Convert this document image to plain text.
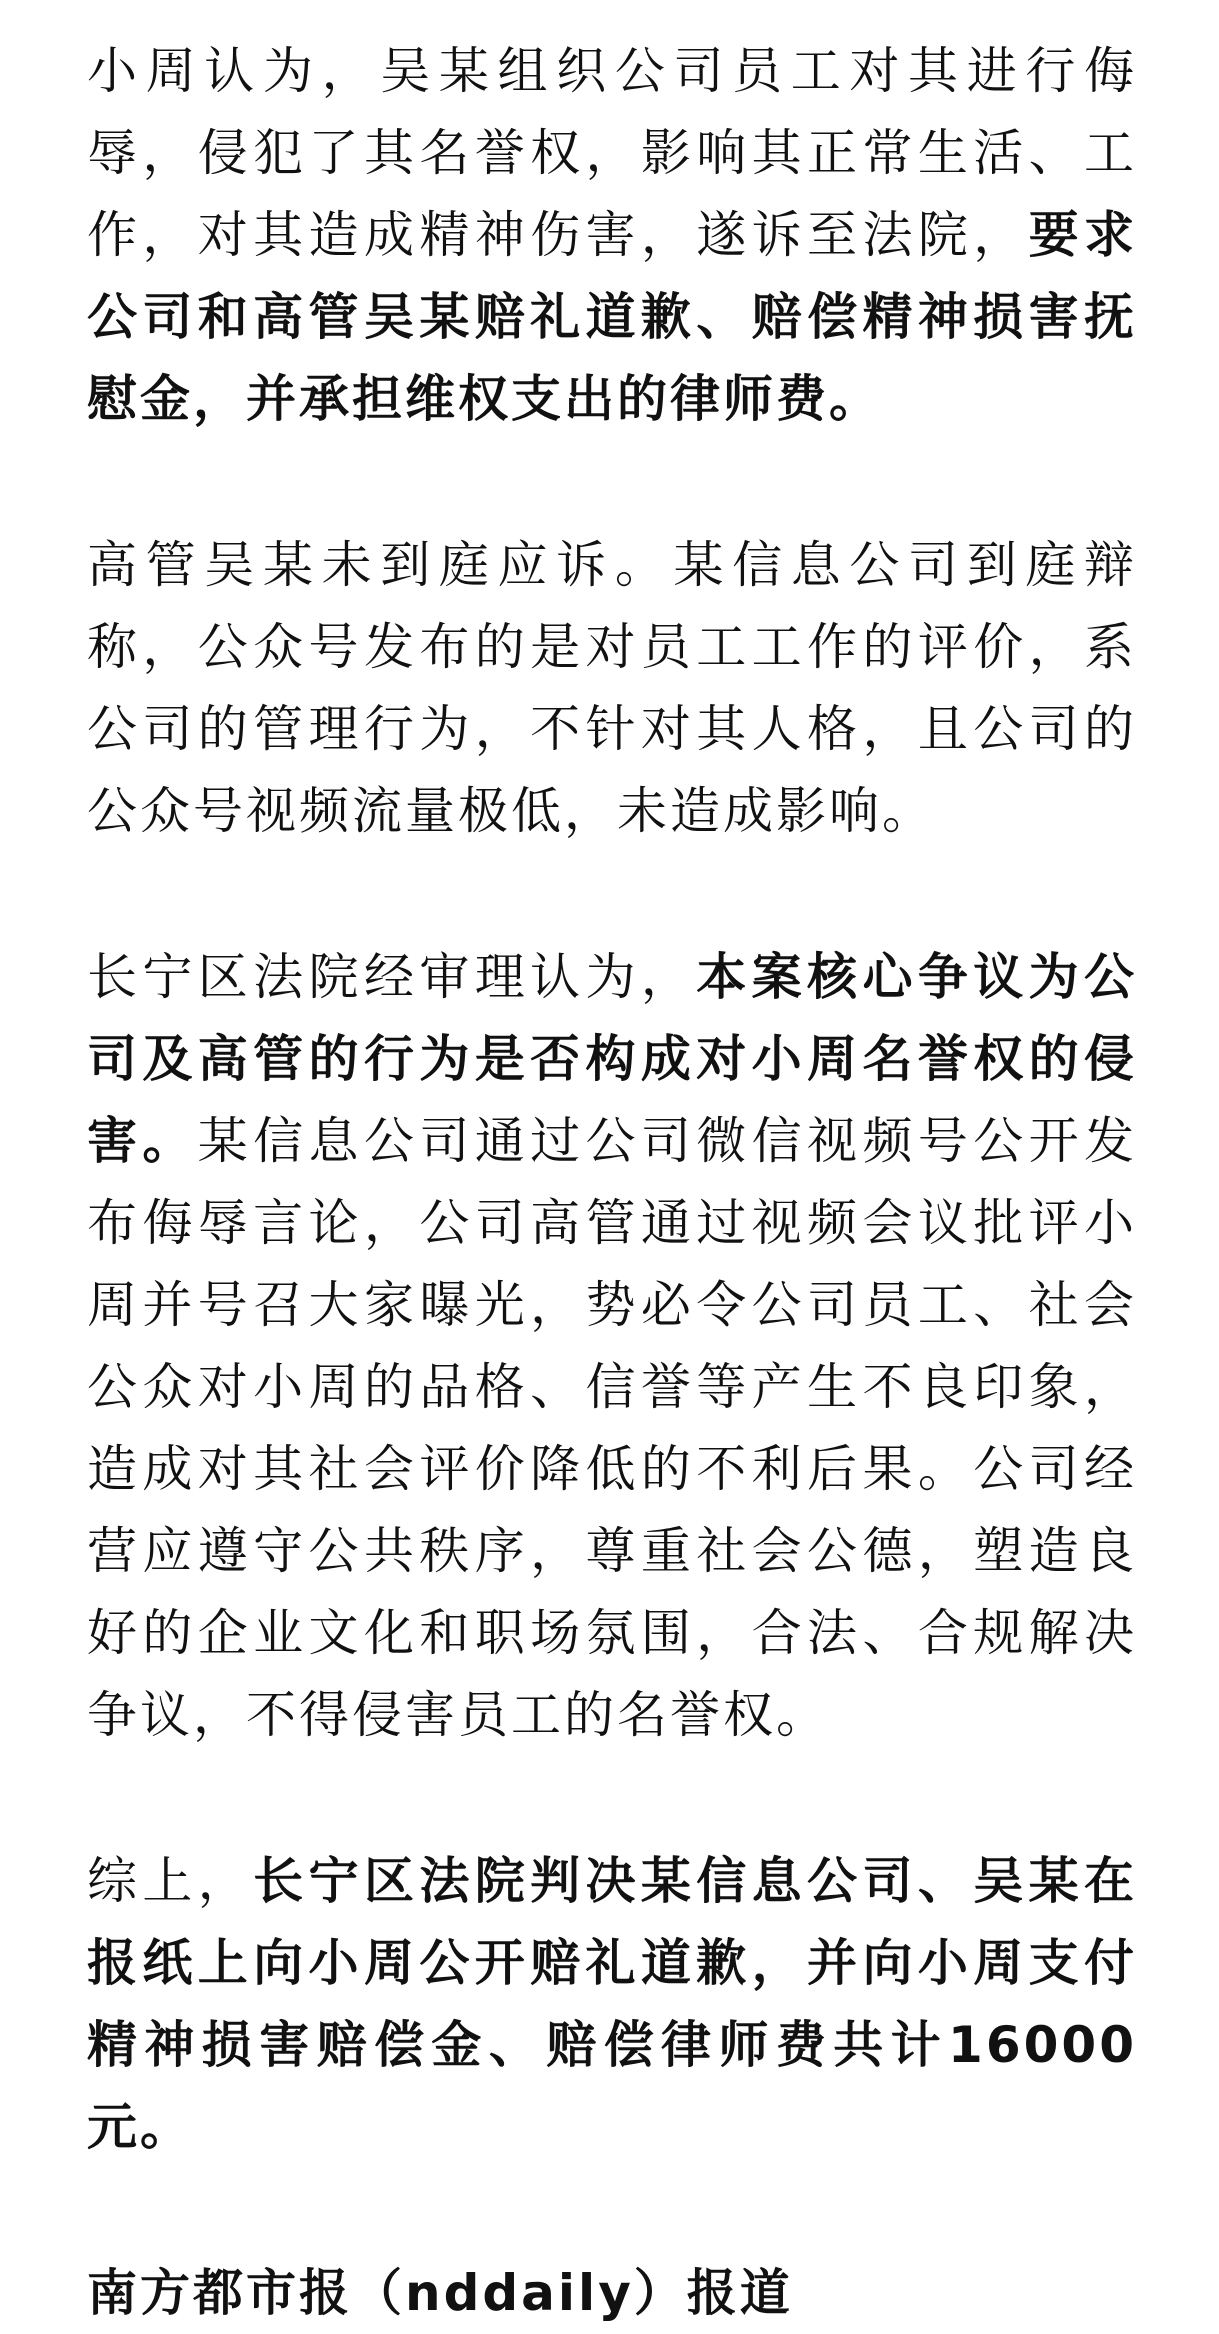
小周认为，吴某组织公司员工对其进行侮辱，侵犯了其名誉权，影响其正常生活、工作，对其造成精神伤害，遂诉至法院，要求公司和高管吴某赔礼道歉、赔偿精神损害抚慰金，并承担维权支出的律师费。

高管吴某未到庭应诉。某信息公司到庭辩称，公众号发布的是对员工工作的评价，系公司的管理行为，不针对其人格，且公司的公众号视频流量极低，未造成影响。

长宁区法院经审理认为，本案核心争议为公司及高管的行为是否构成对小周名誉权的侵害。某信息公司通过公司微信视频号公开发布侮辱言论，公司高管通过视频会议批评小周并号召大家曝光，势必令公司员工、社会公众对小周的品格、信誉等产生不良印象，造成对其社会评价降低的不利后果。公司经营应遵守公共秩序，尊重社会公德，塑造良好的企业文化和职场氛围，合法、合规解决争议，不得侵害员工的名誉权。

综上，长宁区法院判决某信息公司、吴某在报纸上向小周公开赔礼道歉，并向小周支付精神损害赔偿金、赔偿律师费共计16000元。

南方都市报（nddaily）报道
